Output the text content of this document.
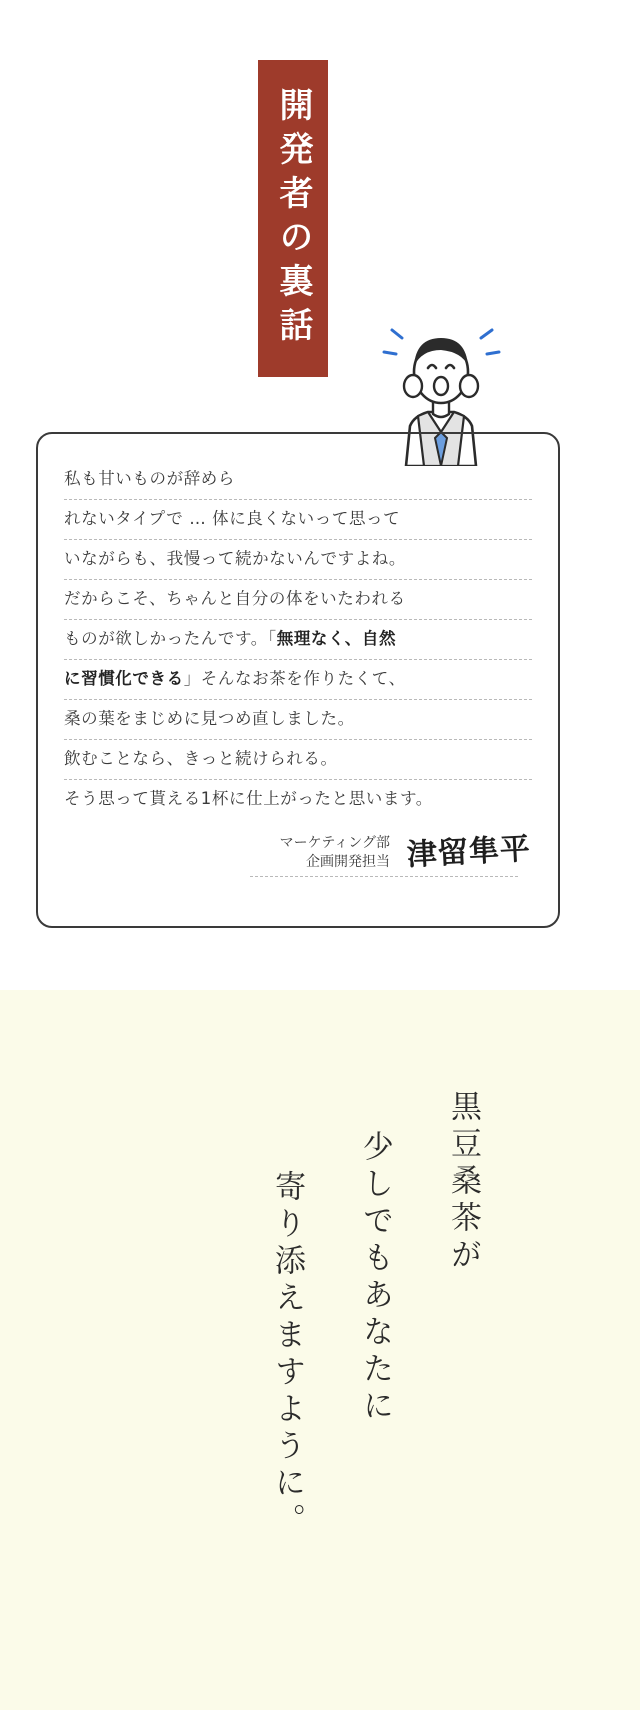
開発者の裏話
私も甘いものが辞めら
れないタイプで … 体に良くないって思って
いながらも、我慢って続かないんですよね。
だからこそ、ちゃんと自分の体をいたわれる
ものが欲しかったんです。「無理なく、自然
に習慣化できる」そんなお茶を作りたくて、
桑の葉をまじめに見つめ直しました。
飲むことなら、きっと続けられる。
そう思って貰える1杯に仕上がったと思います。
マーケティング部
企画開発担当 津留隼平
寄り添えますように。 少しでもあなたに 黒豆桑茶が
